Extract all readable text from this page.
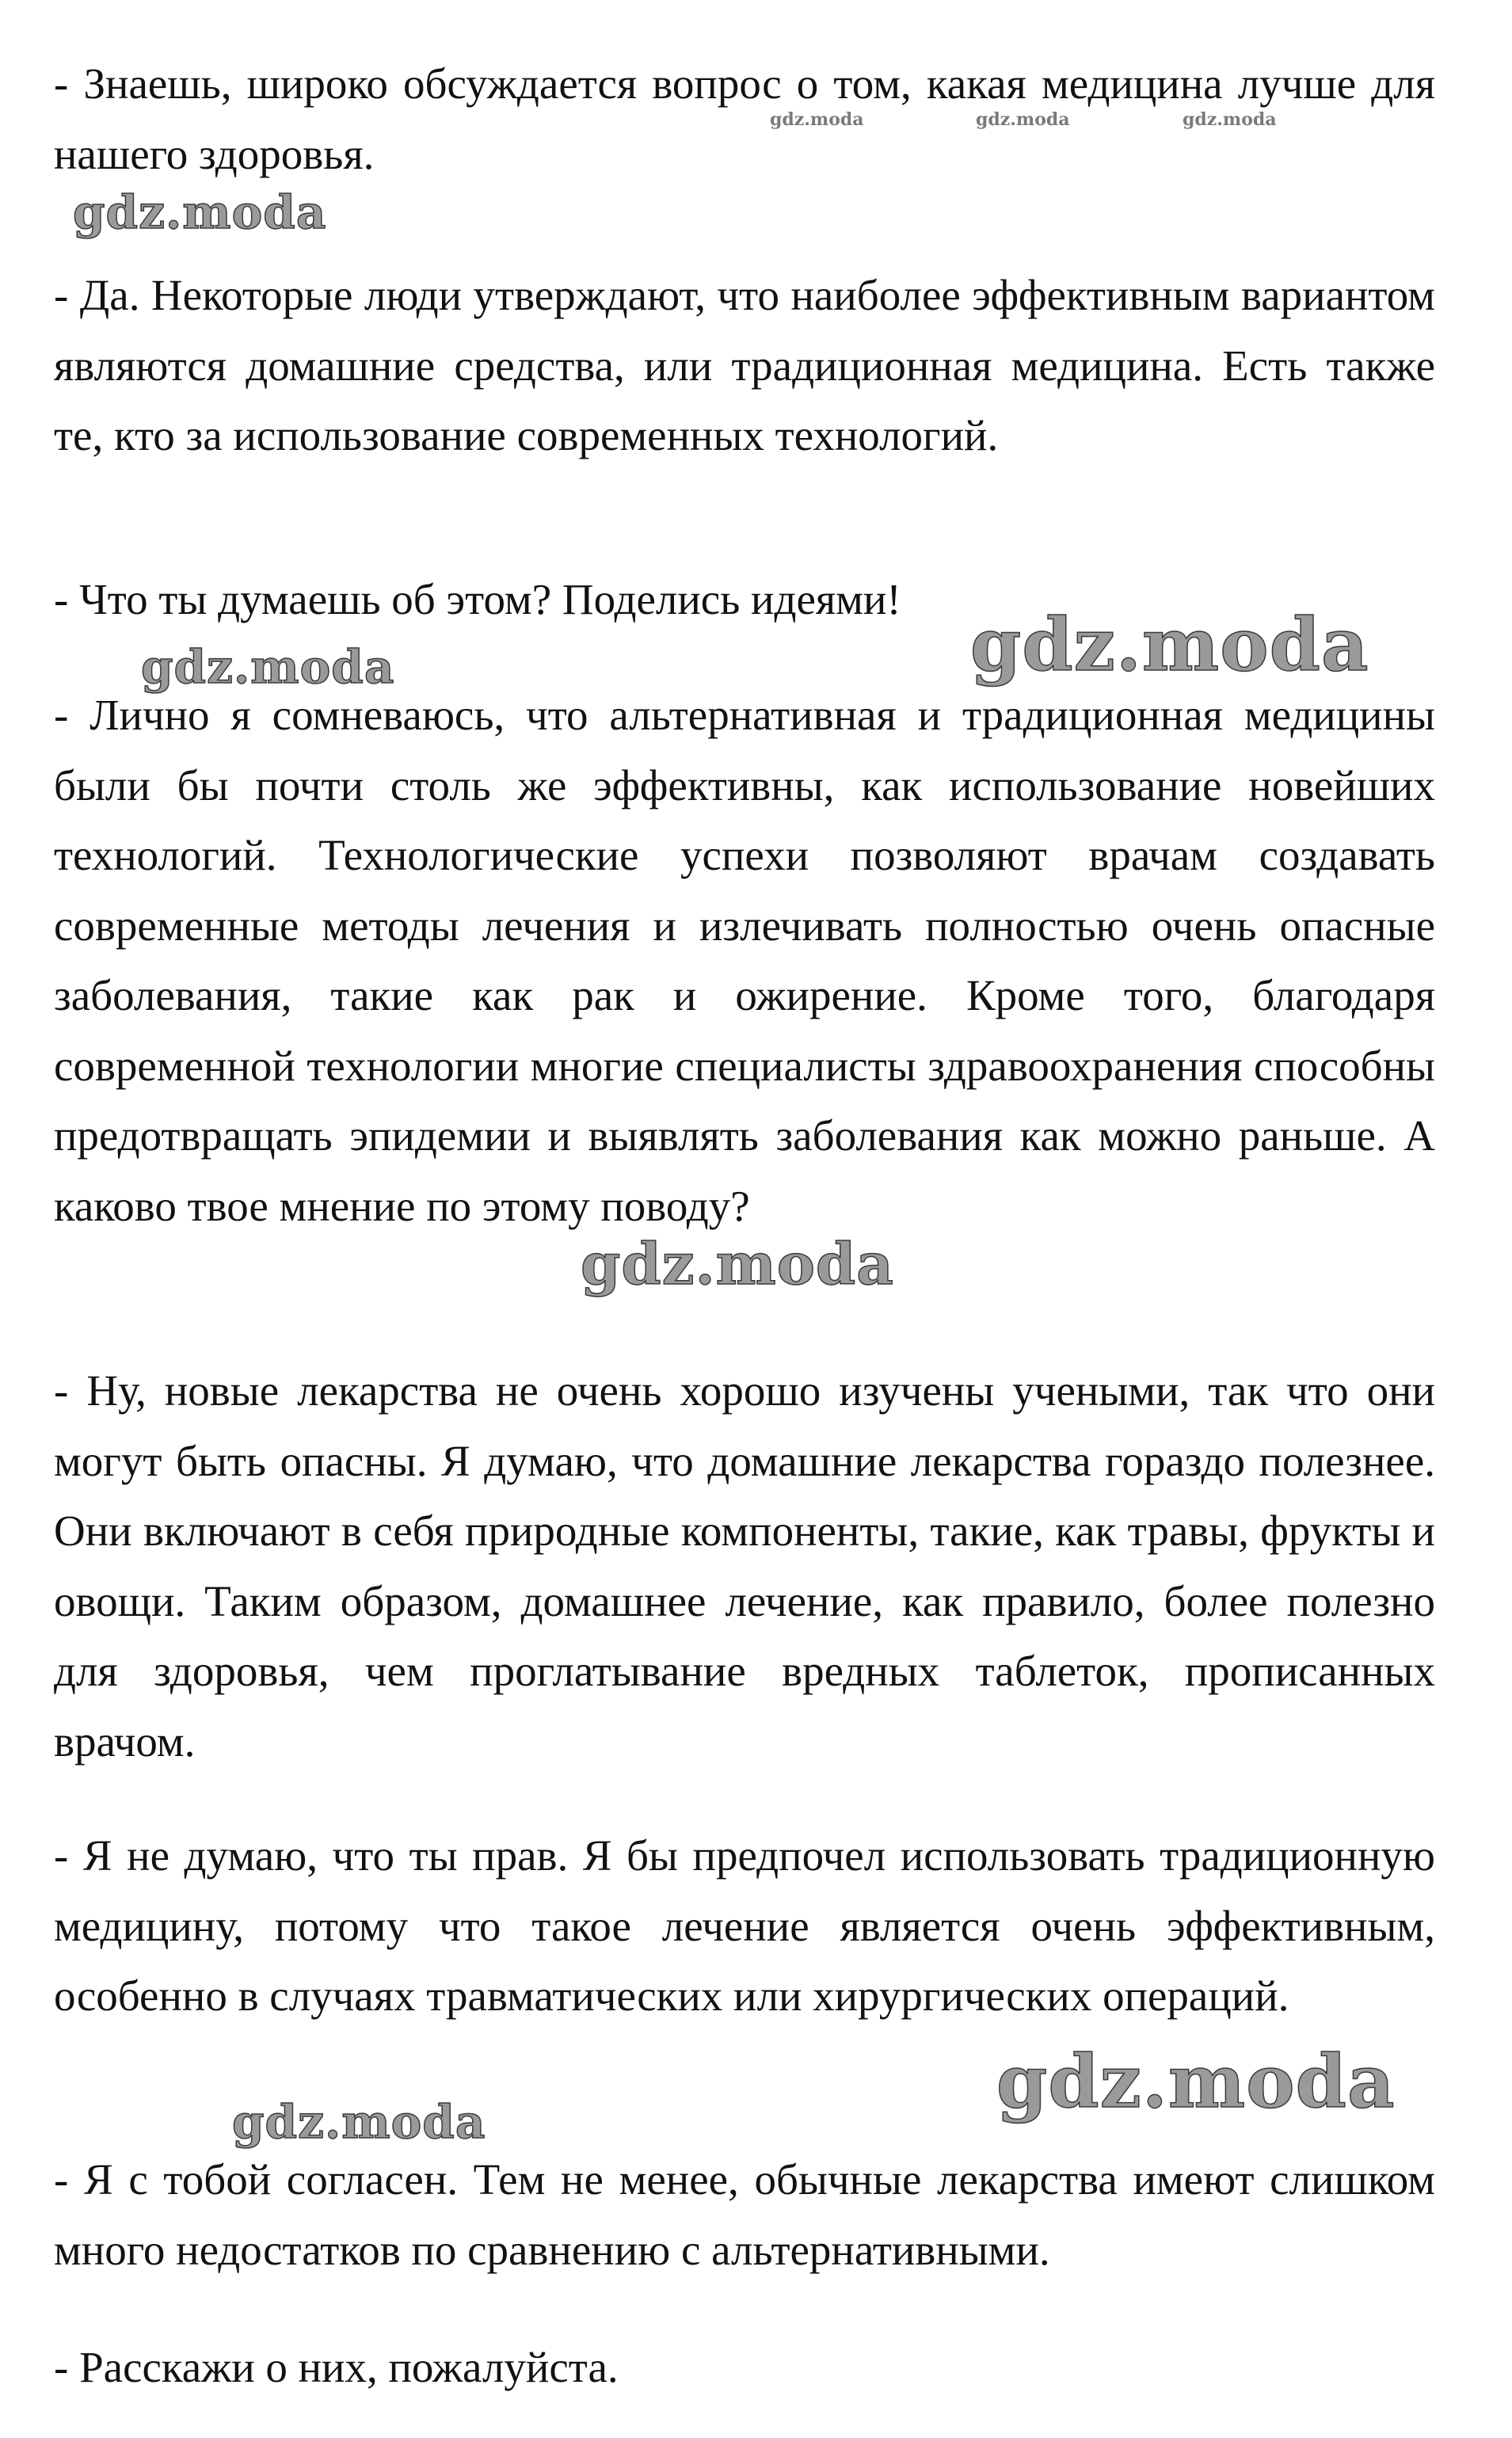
- Знаешь, широко обсуждается вопрос о том, какая медицина лучше для нашего здоровья.

- Да. Некоторые люди утверждают, что наиболее эффективным вариантом являются домашние средства, или традиционная медицина. Есть также те, кто за использование современных технологий.

- Что ты думаешь об этом? Поделись идеями!

- Лично я сомневаюсь, что альтернативная и традиционная медицины были бы почти столь же эффективны, как использование новейших технологий. Технологические успехи позволяют врачам создавать современные методы лечения и излечивать полностью очень опасные заболевания, такие как рак и ожирение. Кроме того, благодаря современной технологии многие специалисты здравоохранения способны предотвращать эпидемии и выявлять заболевания как можно раньше. А каково твое мнение по этому поводу?

- Ну, новые лекарства не очень хорошо изучены учеными, так что они могут быть опасны. Я думаю, что домашние лекарства гораздо полезнее. Они включают в себя природные компоненты, такие, как травы, фрукты и овощи. Таким образом, домашнее лечение, как правило, более полезно для здоровья, чем проглатывание вредных таблеток, прописанных врачом.

- Я не думаю, что ты прав. Я бы предпочел использовать традиционную медицину, потому что такое лечение является очень эффективным, особенно в случаях травматических или хирургических операций.

- Я с тобой согласен. Тем не менее, обычные лекарства имеют слишком много недостатков по сравнению с альтернативными.

- Расскажи о них, пожалуйста.

gdz.moda	gdz.moda	gdz.moda
gdz.moda
gdz.moda	gdz.moda
gdz.moda
gdz.moda
gdz.moda
